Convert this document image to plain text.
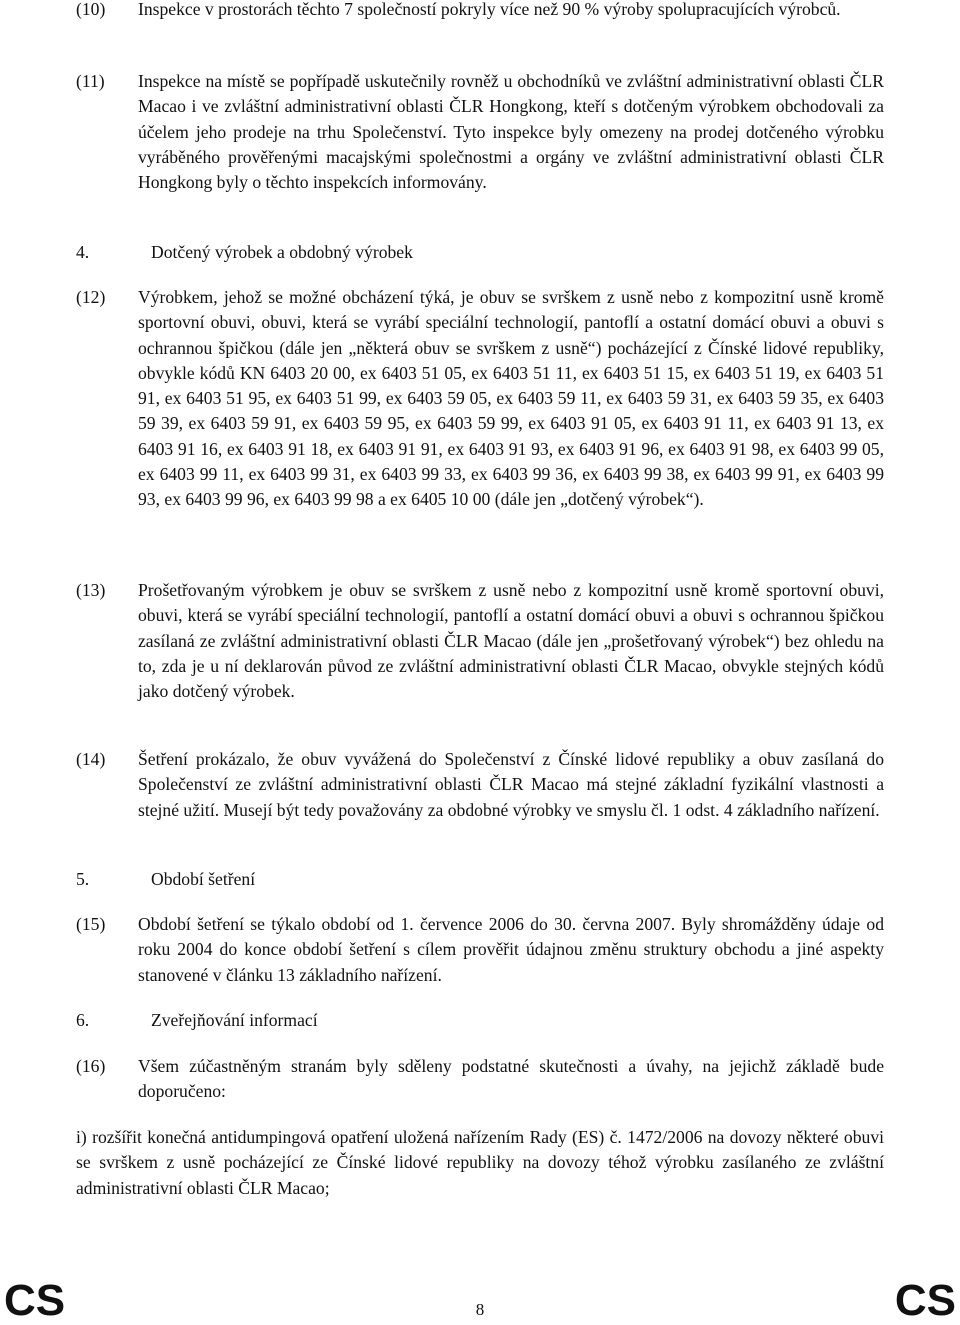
(10)	Inspekce v prostorách těchto 7 společností pokryly více než 90 % výroby spolupracujících výrobců.
(11)	Inspekce na místě se popřípadě uskutečnily rovněž u obchodníků ve zvláštní administrativní oblasti ČLR Macao i ve zvláštní administrativní oblasti ČLR Hongkong, kteří s dotčeným výrobkem obchodovali za účelem jeho prodeje na trhu Společenství. Tyto inspekce byly omezeny na prodej dotčeného výrobku vyráběného prověřenými macajskými společnostmi a orgány ve zvláštní administrativní oblasti ČLR Hongkong byly o těchto inspekcích informovány.
4.	Dotčený výrobek a obdobný výrobek
(12)	Výrobkem, jehož se možné obcházení týká, je obuv se svrškem z usně nebo z kompozitní usně kromě sportovní obuvi, obuvi, která se vyrábí speciální technologií, pantoflí a ostatní domácí obuvi a obuvi s ochrannou špičkou (dále jen „některá obuv se svrškem z usně“) pocházející z Čínské lidové republiky, obvykle kódů KN 6403 20 00, ex 6403 51 05, ex 6403 51 11, ex 6403 51 15, ex 6403 51 19, ex 6403 51 91, ex 6403 51 95, ex 6403 51 99, ex 6403 59 05, ex 6403 59 11, ex 6403 59 31, ex 6403 59 35, ex 6403 59 39, ex 6403 59 91, ex 6403 59 95, ex 6403 59 99, ex 6403 91 05, ex 6403 91 11, ex 6403 91 13, ex 6403 91 16, ex 6403 91 18, ex 6403 91 91, ex 6403 91 93, ex 6403 91 96, ex 6403 91 98, ex 6403 99 05, ex 6403 99 11, ex 6403 99 31, ex 6403 99 33, ex 6403 99 36, ex 6403 99 38, ex 6403 99 91, ex 6403 99 93, ex 6403 99 96, ex 6403 99 98 a ex 6405 10 00 (dále jen „dotčený výrobek“).
(13)	Prošetřovaným výrobkem je obuv se svrškem z usně nebo z kompozitní usně kromě sportovní obuvi, obuvi, která se vyrábí speciální technologií, pantoflí a ostatní domácí obuvi a obuvi s ochrannou špičkou zasílaná ze zvláštní administrativní oblasti ČLR Macao (dále jen „prošetřovaný výrobek“) bez ohledu na to, zda je u ní deklarován původ ze zvláštní administrativní oblasti ČLR Macao, obvykle stejných kódů jako dotčený výrobek.
(14)	Šetření prokázalo, že obuv vyvážená do Společenství z Čínské lidové republiky a obuv zasílaná do Společenství ze zvláštní administrativní oblasti ČLR Macao má stejné základní fyzikální vlastnosti a stejné užití. Musejí být tedy považovány za obdobné výrobky ve smyslu čl. 1 odst. 4 základního nařízení.
5.	Období šetření
(15)	Období šetření se týkalo období od 1. července 2006 do 30. června 2007. Byly shromážděny údaje od roku 2004 do konce období šetření s cílem prověřit údajnou změnu struktury obchodu a jiné aspekty stanovené v článku 13 základního nařízení.
6.	Zveřejňování informací
(16)	Všem zúčastněným stranám byly sděleny podstatné skutečnosti a úvahy, na jejichž základě bude doporučeno:
i) rozšířit konečná antidumpingová opatření uložená nařízením Rady (ES) č. 1472/2006 na dovozy některé obuvi se svrškem z usně pocházející ze Čínské lidové republiky na dovozy téhož výrobku zasílaného ze zvláštní administrativní oblasti ČLR Macao;
CS	8	CS
